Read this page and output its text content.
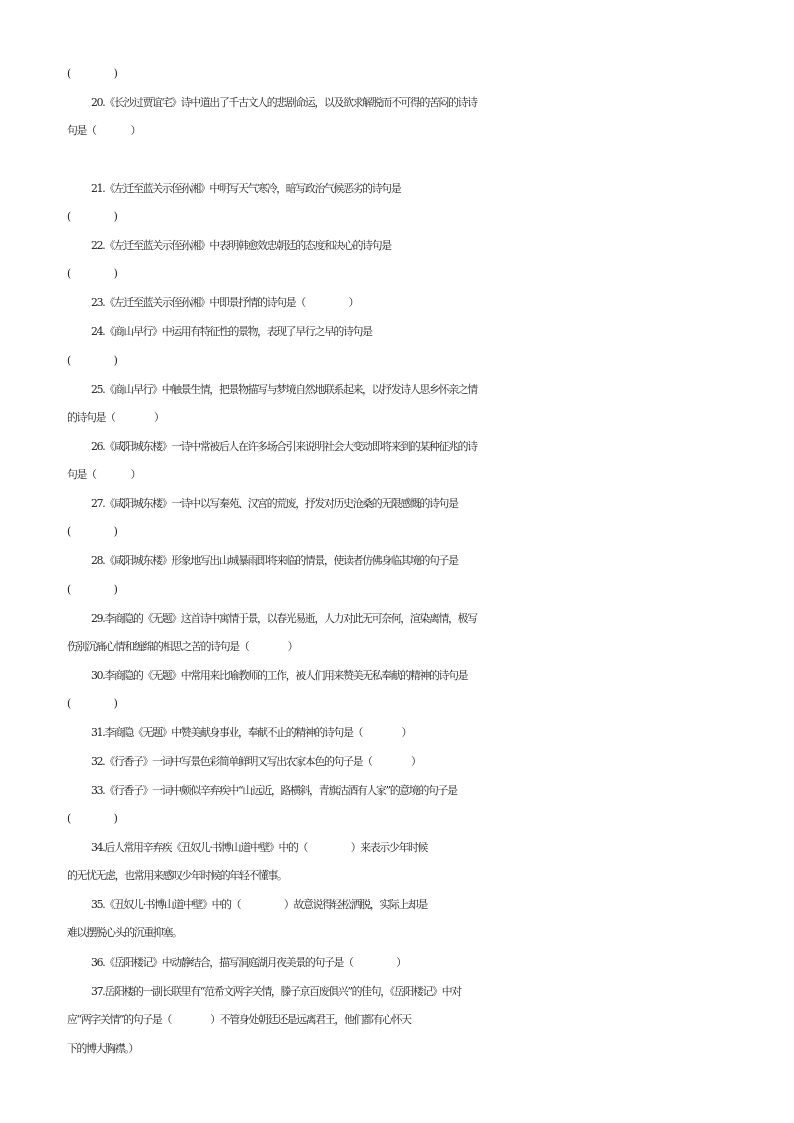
(                    )
20.《长沙过贾谊宅》诗中道出了千古文人的悲剧命运，以及欲求解脱而不可得的苦闷的诗诗
句是（                ）
21.《左迁至蓝关示侄孙湘》中明写天气寒冷，暗写政治气候恶劣的诗句是
(                    )
22.《左迁至蓝关示侄孙湘》中表明韩愈效忠朝廷的态度和决心的诗句是
(                    )
23.《左迁至蓝关示侄孙湘》中即景抒情的诗句是（                    ）
24.《商山早行》中运用有特征性的景物，表现了早行之早的诗句是
(                    )
25.《商山早行》中触景生情，把景物描写与梦境自然地联系起来，以抒发诗人思乡怀亲之情
的诗句是（                  ）
26.《咸阳城东楼》一诗中常被后人在许多场合引来说明社会大变动即将来到的某种征兆的诗
句是（                ）
27.《咸阳城东楼》一诗中以写秦苑、汉宫的荒废，抒发对历史沧桑的无限感慨的诗句是
(                    )
28.《咸阳城东楼》形象地写出山城暴雨即将来临的情景，使读者仿佛身临其境的句子是
(                    )
29.李商隐的《无题》这首诗中寓情于景，以春光易逝，人力对此无可奈何，渲染离情，极写
伤别沉痛心情和缠绵的相思之苦的诗句是（                  ）
30.李商隐的《无题》中常用来比喻教师的工作，被人们用来赞美无私奉献的精神的诗句是
(                    )
31.李商隐《无题》中赞美献身事业，奉献不止的精神的诗句是（                  ）
32.《行香子》一词中写景色彩简单鲜明又写出农家本色的句子是（                  ）
33.《行香子》一词中颇似辛弃疾中“山远近，路横斜，青旗沽酒有人家”的意境的句子是
(                    )
34.后人常用辛弃疾《丑奴儿·书博山道中壁》中的（                    ）来表示少年时候
的无忧无虑，也常用来感叹少年时候的年轻不懂事。
35.《丑奴儿·书博山道中壁》中的（                    ）故意说得轻松洒脱，实际上却是
难以摆脱心头的沉重抑塞。
36.《岳阳楼记》中动静结合，描写洞庭湖月夜美景的句子是（                    ）
37.岳阳楼的一副长联里有“范希文两字关情，滕子京百废俱兴”的佳句，《岳阳楼记》中对
应“两字关情”的句子是（                  ）不管身处朝廷还是远离君王，他们都有心怀天
下的博大胸襟。）
